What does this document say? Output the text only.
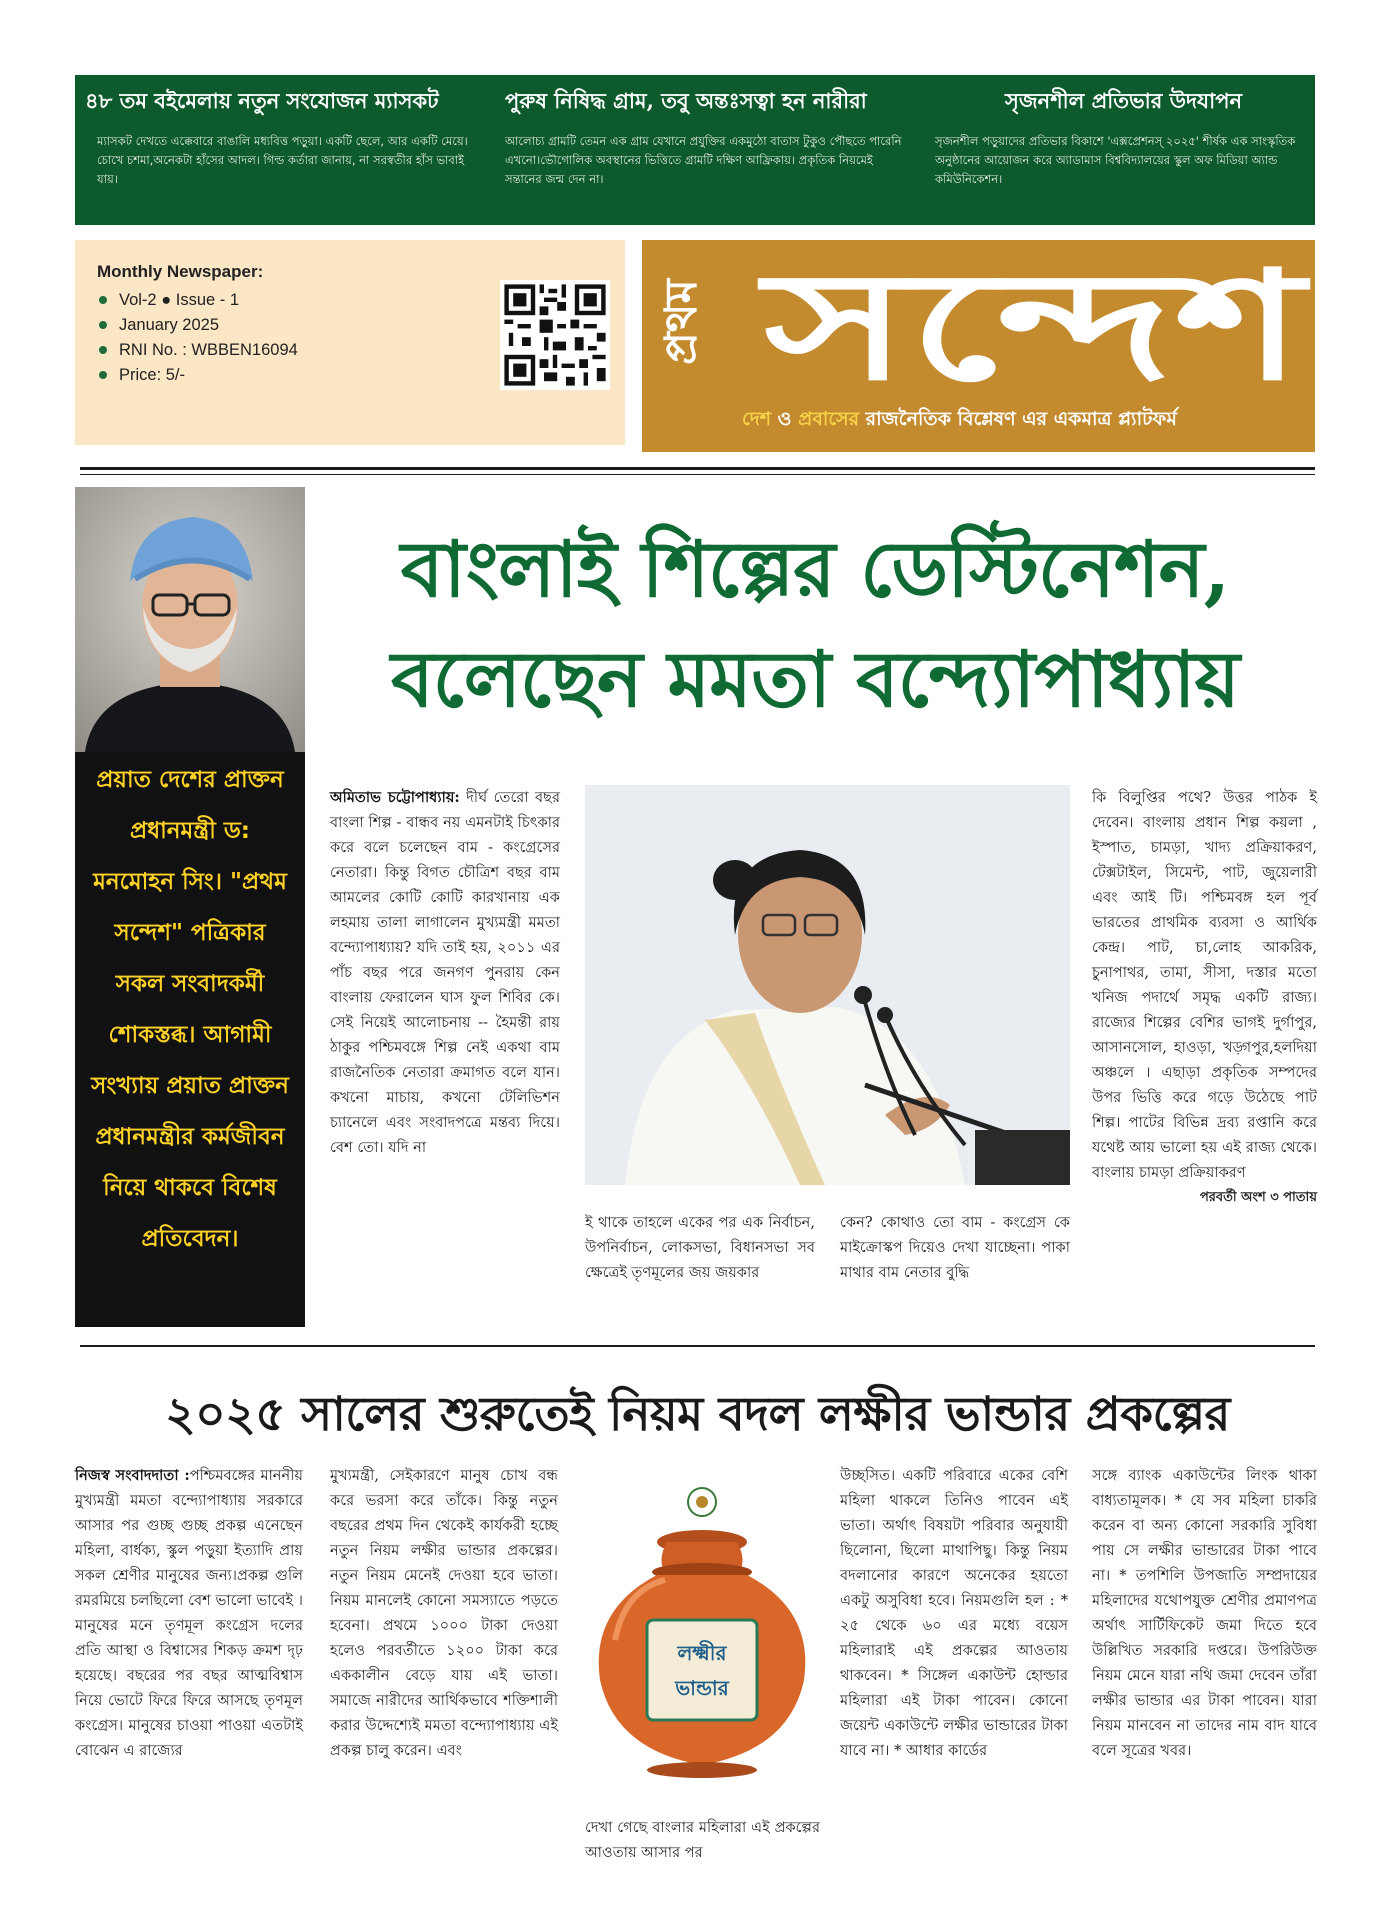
৪৮ তম বইমেলায় নতুন সংযোজন ম্যাসকট
ম্যাসকট দেখতে এক্কেবারে বাঙালি মধ্যবিত্ত পড়ুয়া। একটি ছেলে, আর একটি মেয়ে। চোখে চশমা,অনেকটা হাঁসের আদল। গিল্ড কর্তারা জানায়, না সরস্বতীর হাঁস ভাবাই যায়।
পুরুষ নিষিদ্ধ গ্রাম, তবু অন্তঃসত্বা হন নারীরা
আলোচ্য গ্রামটি তেমন এক গ্রাম যেখানে প্রযুক্তির একমুঠো বাতাস টুকুও পৌছতে পারেনি এখনো।ভৌগোলিক অবস্থানের ভিত্তিতে গ্রামটি দক্ষিণ আফ্রিকায়। প্রকৃতিক নিয়মেই সন্তানের জন্ম দেন না।
সৃজনশীল প্রতিভার উদযাপন
সৃজনশীল পড়ুয়াদের প্রতিভার বিকাশে 'এক্সপ্রেশনস্ ২০২৫' শীর্ষক এক সাংস্কৃতিক অনুষ্ঠানের আয়োজন করে অ্যাডামাস বিশ্ববিদ্যালয়ের স্কুল অফ মিডিয়া অ্যান্ড কমিউনিকেশন।
Monthly Newspaper:
Vol-2 ● Issue - 1
January 2025
RNI No. : WBBEN16094
Price: 5/-
প্রথম সন্দেশ
দেশ ও প্রবাসের রাজনৈতিক বিশ্লেষণ এর একমাত্র প্ল্যাটফর্ম
প্রয়াত দেশের প্রাক্তন
প্রধানমন্ত্রী ড:
মনমোহন সিং। "প্রথম
সন্দেশ" পত্রিকার
সকল সংবাদকর্মী
শোকস্তব্ধ। আগামী
সংখ্যায় প্রয়াত প্রাক্তন
প্রধানমন্ত্রীর কর্মজীবন
নিয়ে থাকবে বিশেষ
প্রতিবেদন।
বাংলাই শিল্পের ডেস্টিনেশন,
বলেছেন মমতা বন্দ্যোপাধ্যায়
অমিতাভ চট্টোপাধ্যায়: দীর্ঘ তেরো বছর বাংলা শিল্প - বান্ধব নয় এমনটাই চিৎকার করে বলে চলেছেন বাম - কংগ্রেসের নেতারা। কিন্তু বিগত চৌত্রিশ বছর বাম আমলের কোটি কোটি কারখানায় এক লহমায় তালা লাগালেন মুখ্যমন্ত্রী মমতা বন্দ্যোপাধ্যায়? যদি তাই হয়, ২০১১ এর পাঁচ বছর পরে জনগণ পুনরায় কেন বাংলায় ফেরালেন ঘাস ফুল শিবির কে। সেই নিয়েই আলোচনায় -- হৈমন্তী রায় ঠাকুর পশ্চিমবঙ্গে শিল্প নেই একথা বাম রাজনৈতিক নেতারা ক্রমাগত বলে যান। কখনো মাচায়, কখনো টেলিভিশন চ্যানেলে এবং সংবাদপত্রে মন্তব্য দিয়ে। বেশ তো। যদি না
ই থাকে তাহলে একের পর এক নির্বাচন, উপনির্বাচন, লোকসভা, বিধানসভা সব ক্ষেত্রেই তৃণমূলের জয় জয়কার
কেন? কোথাও তো বাম - কংগ্রেস কে মাইক্রোস্কপ দিয়েও দেখা যাচ্ছেনা। পাকা মাথার বাম নেতার বুদ্ধি
কি বিলুপ্তির পথে? উত্তর পাঠক ই দেবেন। বাংলায় প্রধান শিল্প কয়লা , ইস্পাত, চামড়া, খাদ্য প্রক্রিয়াকরণ, টেক্সটাইল, সিমেন্ট, পাট, জুয়েলারী এবং আই টি। পশ্চিমবঙ্গ হল পূর্ব ভারতের প্রাথমিক ব্যবসা ও আর্থিক কেন্দ্র। পাট, চা,লোহ আকরিক, চুনাপাথর, তামা, সীসা, দস্তার মতো খনিজ পদার্থে সমৃদ্ধ একটি রাজ্য। রাজ্যের শিল্পের বেশির ভাগই দুর্গাপুর, আসানসোল, হাওড়া, খড়্গপুর,হলদিয়া অঞ্চলে । এছাড়া প্রকৃতিক সম্পদের উপর ভিত্তি করে গড়ে উঠেছে পাট শিল্প। পাটের বিভিন্ন দ্রব্য রপ্তানি করে যথেষ্ট আয় ভালো হয় এই রাজ্য থেকে। বাংলায় চামড়া প্রক্রিয়াকরণ
পরবর্তী অংশ ৩ পাতায়
২০২৫ সালের শুরুতেই নিয়ম বদল লক্ষীর ভান্ডার প্রকল্পের
নিজস্ব সংবাদদাতা :পশ্চিমবঙ্গের মাননীয় মুখ্যমন্ত্রী মমতা বন্দ্যোপাধ্যায় সরকারে আসার পর গুচ্ছ গুচ্ছ প্রকল্প এনেছেন মহিলা, বার্ধক্য, স্কুল পড়ুয়া ইত্যাদি প্রায় সকল শ্রেণীর মানুষের জন্য।প্রকল্প গুলি রমরমিয়ে চলছিলো বেশ ভালো ভাবেই । মানুষের মনে তৃণমূল কংগ্রেস দলের প্রতি আস্থা ও বিশ্বাসের শিকড় ক্রমশ দৃঢ় হয়েছে। বছরের পর বছর আত্মবিশ্বাস নিয়ে ভোটে ফিরে ফিরে আসছে তৃণমূল কংগ্রেস। মানুষের চাওয়া পাওয়া এতটাই বোঝেন এ রাজ্যের
মুখ্যমন্ত্রী, সেইকারণে মানুষ চোখ বন্ধ করে ভরসা করে তাঁকে। কিন্তু নতুন বছরের প্রথম দিন থেকেই কার্যকরী হচ্ছে নতুন নিয়ম লক্ষীর ভান্ডার প্রকল্পের। নতুন নিয়ম মেনেই দেওয়া হবে ভাতা। নিয়ম মানলেই কোনো সমস্যাতে পড়তে হবেনা। প্রথমে ১০০০ টাকা দেওয়া হলেও পরবর্তীতে ১২০০ টাকা করে এককালীন বেড়ে যায় এই ভাতা। সমাজে নারীদের আর্থিকভাবে শক্তিশালী করার উদ্দেশ্যেই মমতা বন্দ্যোপাধ্যায় এই প্রকল্প চালু করেন। এবং
লক্ষ্মীর
ভান্ডার
দেখা গেছে বাংলার মহিলারা এই প্রকল্পের আওতায় আসার পর
উচ্ছসিত। একটি পরিবারে একের বেশি মহিলা থাকলে তিনিও পাবেন এই ভাতা। অর্থাৎ বিষয়টা পরিবার অনুযায়ী ছিলোনা, ছিলো মাথাপিছু। কিন্তু নিয়ম বদলানোর কারণে অনেকের হয়তো একটু অসুবিধা হবে। নিয়মগুলি হল : * ২৫ থেকে ৬০ এর মধ্যে বয়েস মহিলারাই এই প্রকল্পের আওতায় থাকবেন। * সিঙ্গেল একাউন্ট হোল্ডার মহিলারা এই টাকা পাবেন। কোনো জয়েন্ট একাউন্টে লক্ষীর ভান্ডারের টাকা যাবে না। * আধার কার্ডের
সঙ্গে ব্যাংক একাউন্টের লিংক থাকা বাধ্যতামূলক। * যে সব মহিলা চাকরি করেন বা অন্য কোনো সরকারি সুবিধা পায় সে লক্ষীর ভান্ডারের টাকা পাবে না। * তপশিলি উপজাতি সম্প্রদায়ের মহিলাদের যথোপযুক্ত শ্রেণীর প্রমাণপত্র অর্থাৎ সার্টিফিকেট জমা দিতে হবে উল্লিখিত সরকারি দপ্তরে। উপরিউক্ত নিয়ম মেনে যারা নথি জমা দেবেন তাঁরা লক্ষীর ভান্ডার এর টাকা পাবেন। যারা নিয়ম মানবেন না তাদের নাম বাদ যাবে বলে সূত্রের খবর।
